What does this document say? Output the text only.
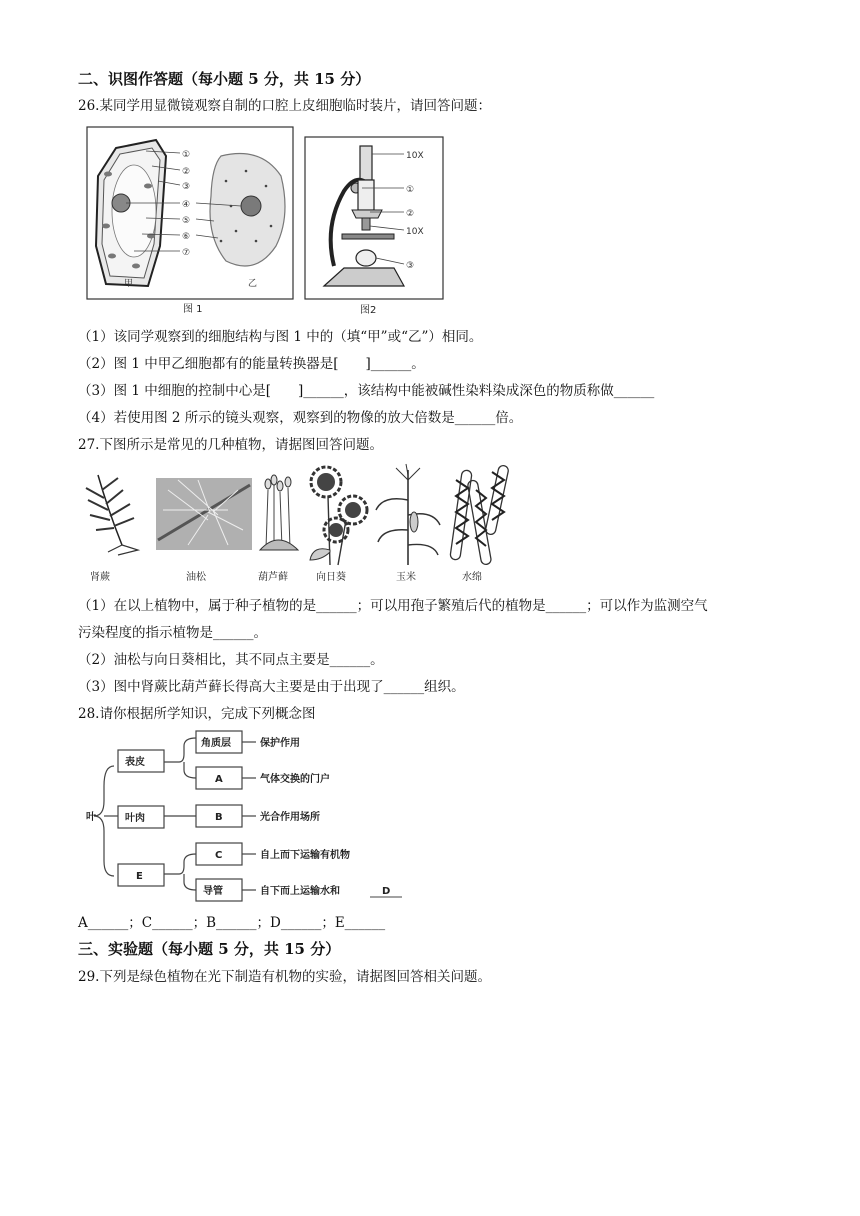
二、识图作答题（每小题 5 分，共 15 分）
26.某同学用显微镜观察自制的口腔上皮细胞临时装片，请回答问题：
①
②
③
④
⑤
⑥
⑦
甲	乙
图 1
10X
①
②
10X
③
图2
（1）该同学观察到的细胞结构与图 1 中的（填“甲”或“乙”）相同。
（2）图 1 中甲乙细胞都有的能量转换器是[　　]______。
（3）图 1 中细胞的控制中心是[　　]______，该结构中能被碱性染料染成深色的物质称做______
（4）若使用图 2 所示的镜头观察，观察到的物像的放大倍数是______倍。
27.下图所示是常见的几种植物，请据图回答问题。
肾蕨	油松	葫芦藓	向日葵	玉米	水绵
（1）在以上植物中，属于种子植物的是______；可以用孢子繁殖后代的植物是______；可以作为监测空气
污染程度的指示植物是______。
（2）油松与向日葵相比，其不同点主要是______。
（3）图中肾蕨比葫芦藓长得高大主要是由于出现了______组织。
28.请你根据所学知识，完成下列概念图
叶
表皮
叶肉
E
角质层	保护作用
A	气体交换的门户
B	光合作用场所
C	自上而下运输有机物
导管	自下而上运输水和	D
A______；C______；B______；D______；E______
三、实验题（每小题 5 分，共 15 分）
29.下列是绿色植物在光下制造有机物的实验，请据图回答相关问题。
